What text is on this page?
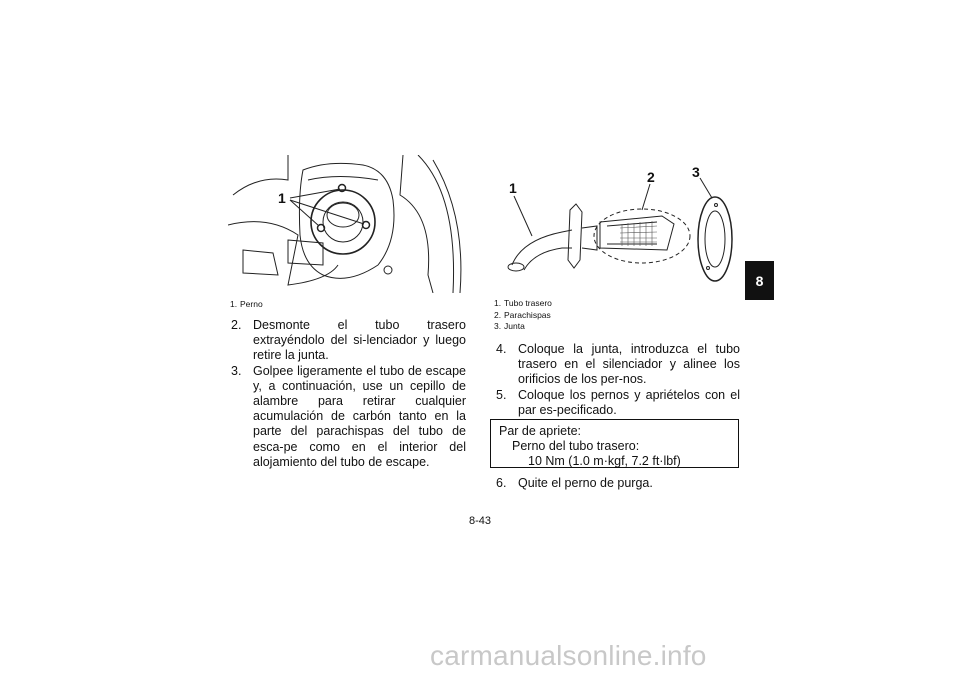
1
1. Perno
1
2	3
1. Tubo trasero
2. Parachispas
3. Junta
2. Desmonte el tubo trasero extrayéndolo del si-lenciador y luego retire la junta.
3. Golpee ligeramente el tubo de escape y, a continuación, use un cepillo de alambre para retirar cualquier acumulación de carbón tanto en la parte del parachispas del tubo de esca-pe como en el interior del alojamiento del tubo de escape.
4. Coloque la junta, introduzca el tubo trasero en el silenciador y alinee los orificios de los per-nos.
5. Coloque los pernos y apriételos con el par es-pecificado.
Par de apriete:
Perno del tubo trasero:
10 Nm (1.0 m·kgf, 7.2 ft·lbf)
6. Quite el perno de purga.
8-43
8
carmanualsonline.info
